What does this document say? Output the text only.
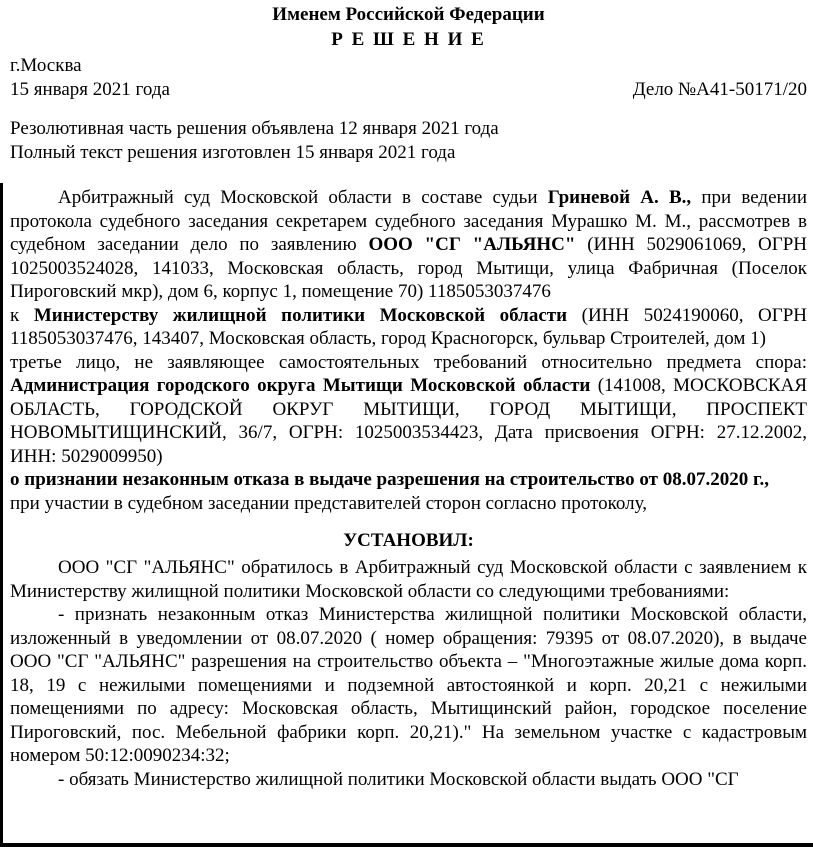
Именем Российской Федерации
Р Е Ш Е Н И Е
г.Москва
15 января 2021 года	Дело №А41-50171/20
Резолютивная часть решения объявлена 12 января 2021 года
Полный текст решения изготовлен 15 января 2021 года

Арбитражный суд Московской области в составе судьи Гриневой А. В., при ведении протокола судебного заседания секретарем судебного заседания Мурашко М. М., рассмотрев в судебном заседании дело по заявлению ООО "СГ "АЛЬЯНС" (ИНН 5029061069, ОГРН 1025003524028, 141033, Московская область, город Мытищи, улица Фабричная (Поселок Пироговский мкр), дом 6, корпус 1, помещение 70) 1185053037476

к Министерству жилищной политики Московской области (ИНН 5024190060, ОГРН 1185053037476, 143407, Московская область, город Красногорск, бульвар Строителей, дом 1)

третье лицо, не заявляющее самостоятельных требований относительно предмета спора: Администрация городского округа Мытищи Московской области (141008, МОСКОВСКАЯ ОБЛАСТЬ, ГОРОДСКОЙ ОКРУГ МЫТИЩИ, ГОРОД МЫТИЩИ, ПРОСПЕКТ НОВОМЫТИЩИНСКИЙ, 36/7, ОГРН: 1025003534423, Дата присвоения ОГРН: 27.12.2002, ИНН: 5029009950)

о признании незаконным отказа в выдаче разрешения на строительство от 08.07.2020 г.,

при участии в судебном заседании представителей сторон согласно протоколу,

УСТАНОВИЛ:

ООО "СГ "АЛЬЯНС" обратилось в Арбитражный суд Московской области с заявлением к Министерству жилищной политики Московской области со следующими требованиями:

- признать незаконным отказ Министерства жилищной политики Московской области, изложенный в уведомлении от 08.07.2020 ( номер обращения: 79395 от 08.07.2020), в выдаче ООО "СГ "АЛЬЯНС" разрешения на строительство объекта – "Многоэтажные жилые дома корп. 18, 19 с нежилыми помещениями и подземной автостоянкой и корп. 20,21 с нежилыми помещениями по адресу: Московская область, Мытищинский район, городское поселение Пироговский, пос. Мебельной фабрики корп. 20,21)." На земельном участке с кадастровым номером 50:12:0090234:32;

- обязать Министерство жилищной политики Московской области выдать ООО "СГ
